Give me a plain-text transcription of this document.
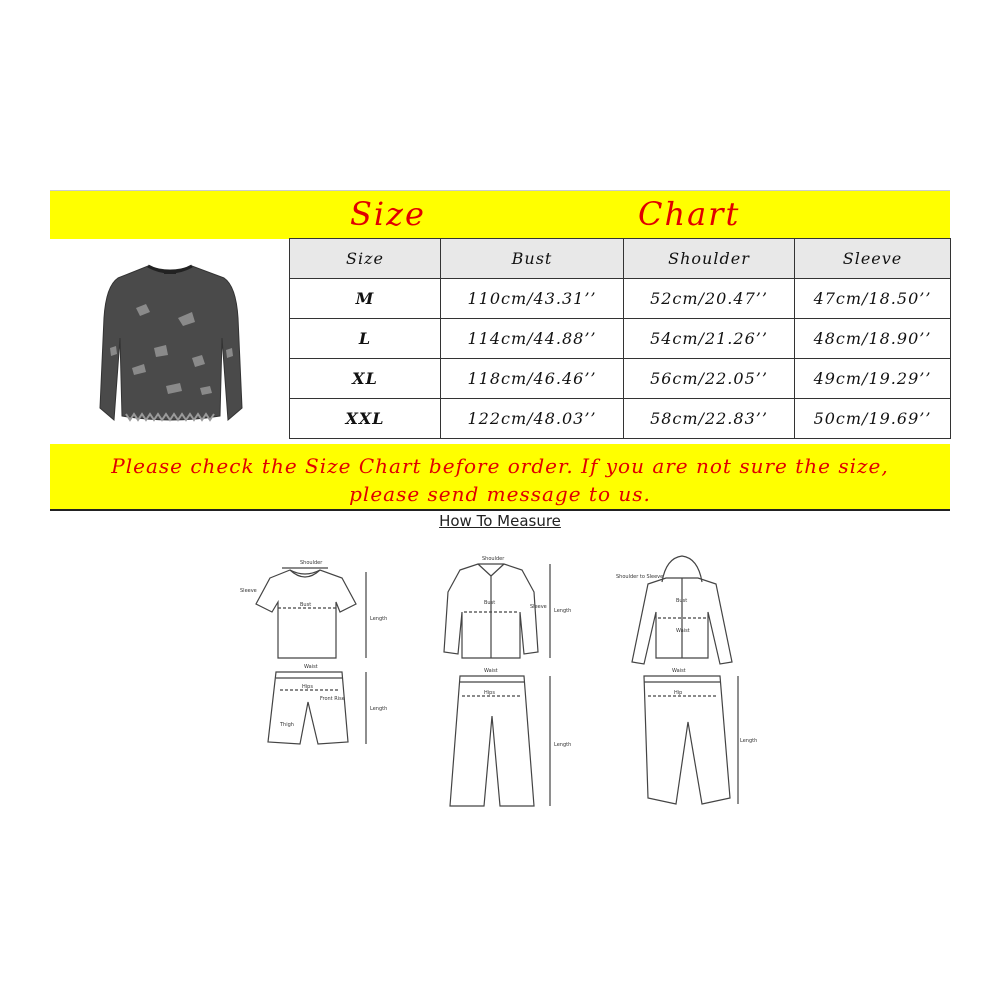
Size	Chart
Size	Bust	Shoulder	Sleeve
M	110cm/43.31’’	52cm/20.47’’	47cm/18.50’’
L	114cm/44.88’’	54cm/21.26’’	48cm/18.90’’
XL	118cm/46.46’’	56cm/22.05’’	49cm/19.29’’
XXL	122cm/48.03’’	58cm/22.83’’	50cm/19.69’’
Please check the Size Chart before order. If you are not sure the size,
please send message to us.
How To Measure
Shoulder
Bust
Length
Sleeve
Waist
Hips
Front Rise
Thigh
Length
Shoulder
Bust
Length
Sleeve
Waist
Hips
Length
Bust
Waist
Shoulder to Sleeve
Waist
Hip
Length
